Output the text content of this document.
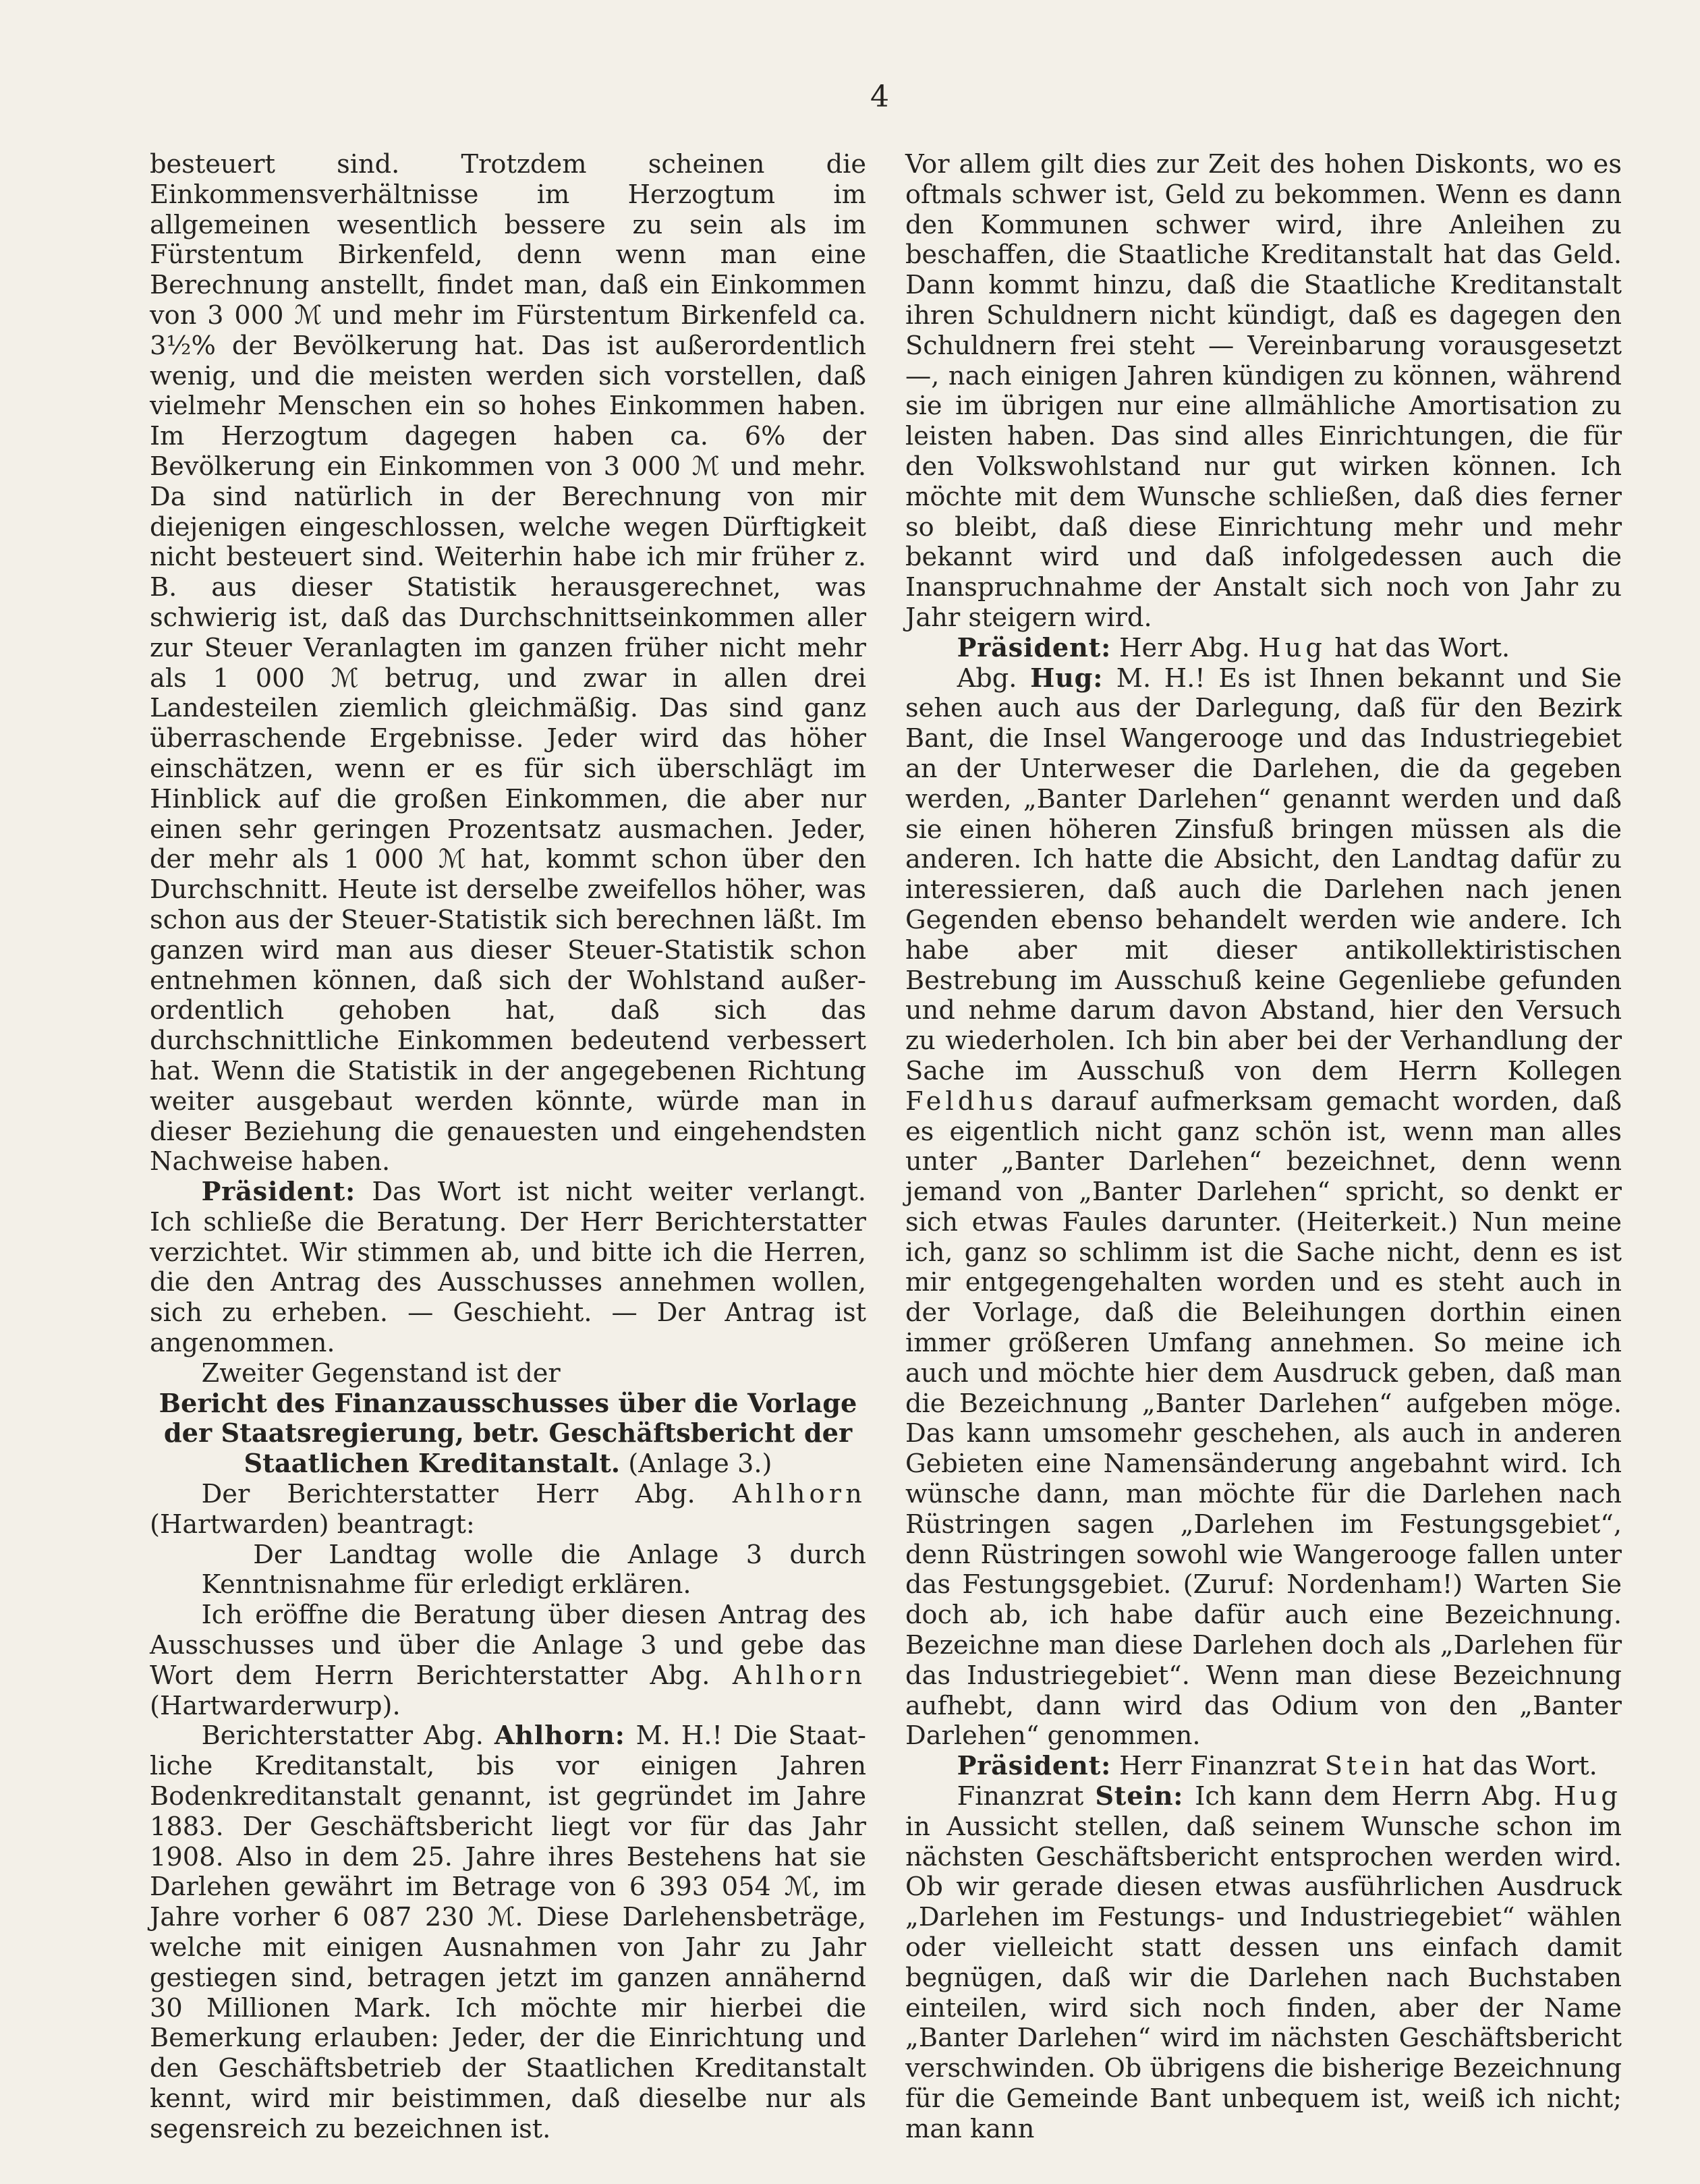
4

besteuert sind. Trotzdem scheinen die Einkommensverhältnisse im Herzogtum im allgemeinen wesentlich bessere zu sein als im Fürstentum Birkenfeld, denn wenn man eine Berechnung anstellt, findet man, daß ein Einkommen von 3 000 ℳ und mehr im Fürstentum Birkenfeld ca. 3½% der Bevölkerung hat. Das ist außerordentlich wenig, und die meisten werden sich vorstellen, daß vielmehr Menschen ein so hohes Einkommen haben. Im Herzogtum dagegen haben ca. 6% der Bevölkerung ein Einkommen von 3 000 ℳ und mehr. Da sind natürlich in der Berechnung von mir diejenigen eingeschlossen, welche wegen Dürftigkeit nicht besteuert sind. Weiterhin habe ich mir früher z. B. aus dieser Statistik herausgerechnet, was schwierig ist, daß das Durchschnittseinkommen aller zur Steuer Veranlagten im ganzen früher nicht mehr als 1 000 ℳ betrug, und zwar in allen drei Landesteilen ziemlich gleichmäßig. Das sind ganz überraschende Ergebnisse. Jeder wird das höher einschätzen, wenn er es für sich überschlägt im Hinblick auf die großen Einkommen, die aber nur einen sehr geringen Prozentsatz ausmachen. Jeder, der mehr als 1 000 ℳ hat, kommt schon über den Durchschnitt. Heute ist derselbe zweifellos höher, was schon aus der Steuer-Statistik sich berechnen läßt. Im ganzen wird man aus dieser Steuer-Statistik schon entnehmen können, daß sich der Wohlstand außerordentlich gehoben hat, daß sich das durchschnittliche Einkommen bedeutend verbessert hat. Wenn die Statistik in der angegebenen Richtung weiter ausgebaut werden könnte, würde man in dieser Beziehung die genauesten und eingehendsten Nachweise haben.

Präsident: Das Wort ist nicht weiter verlangt. Ich schließe die Beratung. Der Herr Berichterstatter verzichtet. Wir stimmen ab, und bitte ich die Herren, die den Antrag des Ausschusses annehmen wollen, sich zu erheben. — Geschieht. — Der Antrag ist angenommen.

Zweiter Gegenstand ist der

Bericht des Finanzausschusses über die Vorlage der Staatsregierung, betr. Geschäftsbericht der Staatlichen Kreditanstalt. (Anlage 3.)

Der Berichterstatter Herr Abg. Ahlhorn (Hartwarden) beantragt:

Der Landtag wolle die Anlage 3 durch Kenntnisnahme für erledigt erklären.

Ich eröffne die Beratung über diesen Antrag des Ausschusses und über die Anlage 3 und gebe das Wort dem Herrn Berichterstatter Abg. Ahlhorn (Hartwarderwurp).

Berichterstatter Abg. Ahlhorn: M. H.! Die Staatliche Kreditanstalt, bis vor einigen Jahren Bodenkreditanstalt genannt, ist gegründet im Jahre 1883. Der Geschäftsbericht liegt vor für das Jahr 1908. Also in dem 25. Jahre ihres Bestehens hat sie Darlehen gewährt im Betrage von 6 393 054 ℳ, im Jahre vorher 6 087 230 ℳ. Diese Darlehensbeträge, welche mit einigen Ausnahmen von Jahr zu Jahr gestiegen sind, betragen jetzt im ganzen annähernd 30 Millionen Mark. Ich möchte mir hierbei die Bemerkung erlauben: Jeder, der die Einrichtung und den Geschäftsbetrieb der Staatlichen Kreditanstalt kennt, wird mir beistimmen, daß dieselbe nur als segensreich zu bezeichnen ist.

Vor allem gilt dies zur Zeit des hohen Diskonts, wo es oftmals schwer ist, Geld zu bekommen. Wenn es dann den Kommunen schwer wird, ihre Anleihen zu beschaffen, die Staatliche Kreditanstalt hat das Geld. Dann kommt hinzu, daß die Staatliche Kreditanstalt ihren Schuldnern nicht kündigt, daß es dagegen den Schuldnern frei steht — Vereinbarung vorausgesetzt —, nach einigen Jahren kündigen zu können, während sie im übrigen nur eine allmähliche Amortisation zu leisten haben. Das sind alles Einrichtungen, die für den Volkswohlstand nur gut wirken können. Ich möchte mit dem Wunsche schließen, daß dies ferner so bleibt, daß diese Einrichtung mehr und mehr bekannt wird und daß infolgedessen auch die Inanspruchnahme der Anstalt sich noch von Jahr zu Jahr steigern wird.

Präsident: Herr Abg. Hug hat das Wort.

Abg. Hug: M. H.! Es ist Ihnen bekannt und Sie sehen auch aus der Darlegung, daß für den Bezirk Bant, die Insel Wangerooge und das Industriegebiet an der Unterweser die Darlehen, die da gegeben werden, „Banter Darlehen“ genannt werden und daß sie einen höheren Zinsfuß bringen müssen als die anderen. Ich hatte die Absicht, den Landtag dafür zu interessieren, daß auch die Darlehen nach jenen Gegenden ebenso behandelt werden wie andere. Ich habe aber mit dieser antikollektiristischen Bestrebung im Ausschuß keine Gegenliebe gefunden und nehme darum davon Abstand, hier den Versuch zu wiederholen. Ich bin aber bei der Verhandlung der Sache im Ausschuß von dem Herrn Kollegen Feldhus darauf aufmerksam gemacht worden, daß es eigentlich nicht ganz schön ist, wenn man alles unter „Banter Darlehen“ bezeichnet, denn wenn jemand von „Banter Darlehen“ spricht, so denkt er sich etwas Faules darunter. (Heiterkeit.) Nun meine ich, ganz so schlimm ist die Sache nicht, denn es ist mir entgegengehalten worden und es steht auch in der Vorlage, daß die Beleihungen dorthin einen immer größeren Umfang annehmen. So meine ich auch und möchte hier dem Ausdruck geben, daß man die Bezeichnung „Banter Darlehen“ aufgeben möge. Das kann umsomehr geschehen, als auch in anderen Gebieten eine Namensänderung angebahnt wird. Ich wünsche dann, man möchte für die Darlehen nach Rüstringen sagen „Darlehen im Festungsgebiet“, denn Rüstringen sowohl wie Wangerooge fallen unter das Festungsgebiet. (Zuruf: Nordenham!) Warten Sie doch ab, ich habe dafür auch eine Bezeichnung. Bezeichne man diese Darlehen doch als „Darlehen für das Industriegebiet“. Wenn man diese Bezeichnung aufhebt, dann wird das Odium von den „Banter Darlehen“ genommen.

Präsident: Herr Finanzrat Stein hat das Wort.

Finanzrat Stein: Ich kann dem Herrn Abg. Hug in Aussicht stellen, daß seinem Wunsche schon im nächsten Geschäftsbericht entsprochen werden wird. Ob wir gerade diesen etwas ausführlichen Ausdruck „Darlehen im Festungs- und Industriegebiet“ wählen oder vielleicht statt dessen uns einfach damit begnügen, daß wir die Darlehen nach Buchstaben einteilen, wird sich noch finden, aber der Name „Banter Darlehen“ wird im nächsten Geschäftsbericht verschwinden. Ob übrigens die bisherige Bezeichnung für die Gemeinde Bant unbequem ist, weiß ich nicht; man kann
